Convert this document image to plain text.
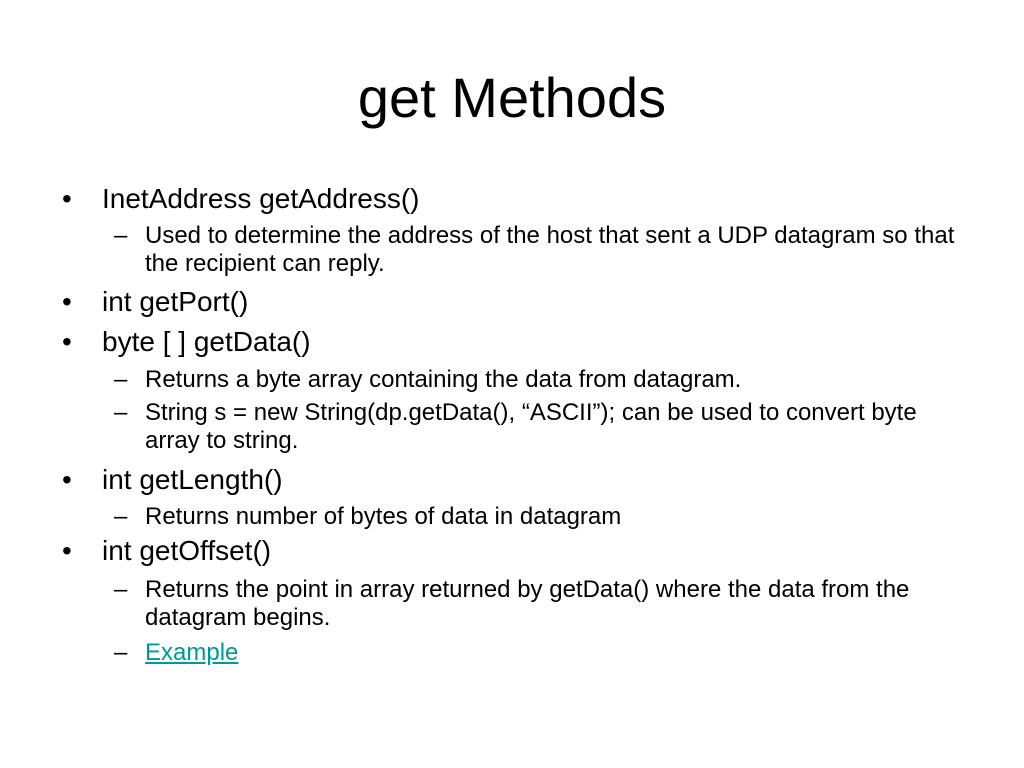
get Methods
• InetAddress getAddress()
– Used to determine the address of the host that sent a UDP datagram so that the recipient can reply.
• int getPort()
• byte [ ] getData()
– Returns a byte array containing the data from datagram.
– String s = new String(dp.getData(), “ASCII”); can be used to convert byte array to string.
• int getLength()
– Returns number of bytes of data in datagram
• int getOffset()
– Returns the point in array returned by getData() where the data from the datagram begins.
– Example
